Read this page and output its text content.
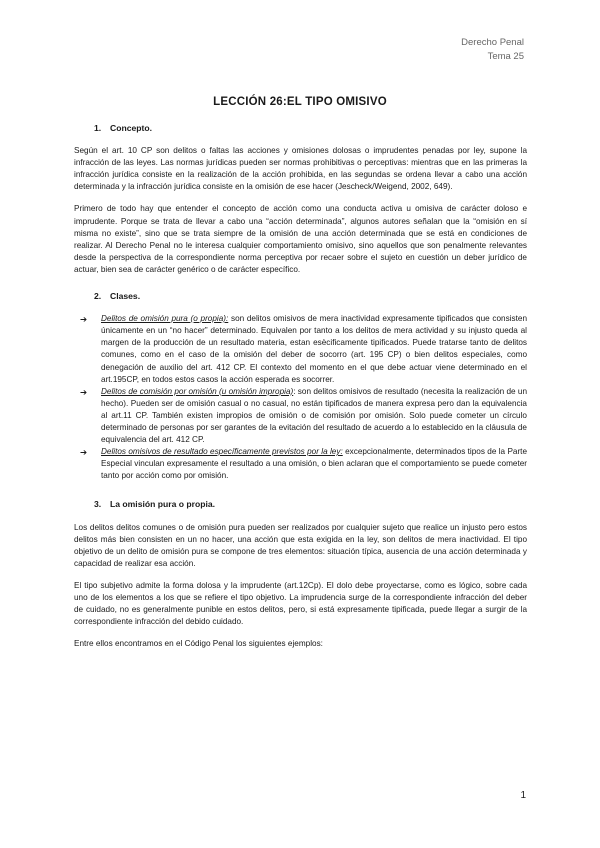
Derecho Penal
Tema 25
LECCIÓN 26:EL TIPO OMISIVO
1. Concepto.

Según el art. 10 CP son delitos o faltas las acciones y omisiones dolosas o imprudentes penadas por ley, supone la infracción de las leyes. Las normas jurídicas pueden ser normas prohibitivas o perceptivas: mientras que en las primeras la infracción jurídica consiste en la realización de la acción prohibida, en las segundas se ordena llevar a cabo una acción determinada y la infracción jurídica consiste en la omisión de ese hacer (Jescheck/Weigend, 2002, 649).

Primero de todo hay que entender el concepto de acción como una conducta activa u omisiva de carácter doloso e imprudente. Porque se trata de llevar a cabo una “acción determinada”, algunos autores señalan que la “omisión en sí misma no existe”, sino que se trata siempre de la omisión de una acción determinada que se está en condiciones de realizar. Al Derecho Penal no le interesa cualquier comportamiento omisivo, sino aquellos que son penalmente relevantes desde la perspectiva de la correspondiente norma perceptiva por recaer sobre el sujeto en cuestión un deber jurídico de actuar, bien sea de carácter genérico o de carácter específico.

2. Clases.
➔ Delitos de omisión pura (o propia): son delitos omisivos de mera inactividad expresamente tipificados que consisten únicamente en un “no hacer” determinado. Equivalen por tanto a los delitos de mera actividad y su injusto queda al margen de la producción de un resultado materia, estan esècificamente tipificados. Puede tratarse tanto de delitos comunes, como en el caso de la omisión del deber de socorro (art. 195 CP) o bien delitos especiales, como denegación de auxilio del art. 412 CP. El contexto del momento en el que debe actuar viene determinado en el art.195CP, en todos estos casos la acción esperada es socorrer.
➔ Delitos de comisión por omisión (u omisión impropia): son delitos omisivos de resultado (necesita la realización de un hecho). Pueden ser de omisión casual o no casual, no están tipificados de manera expresa pero dan la equivalencia al art.11 CP. También existen impropios de omisión o de comisión por omisión. Solo puede cometer un círculo determinado de personas por ser garantes de la evitación del resultado de acuerdo a lo establecido en la cláusula de equivalencia del art. 412 CP.
➔ Delitos omisivos de resultado específicamente previstos por la ley: excepcionalmente, determinados tipos de la Parte Especial vinculan expresamente el resultado a una omisión, o bien aclaran que el comportamiento se puede cometer tanto por acción como por omisión.
3. La omisión pura o propia.

Los delitos delitos comunes o de omisión pura pueden ser realizados por cualquier sujeto que realice un injusto pero estos delitos más bien consisten en un no hacer, una acción que esta exigida en la ley, son delitos de mera inactividad. El tipo objetivo de un delito de omisión pura se compone de tres elementos: situación típica, ausencia de una acción determinada y capacidad de realizar esa acción.

El tipo subjetivo admite la forma dolosa y la imprudente (art.12Cp). El dolo debe proyectarse, como es lógico, sobre cada uno de los elementos a los que se refiere el tipo objetivo. La imprudencia surge de la correspondiente infracción del deber de cuidado, no es generalmente punible en estos delitos, pero, si está expresamente tipificada, puede llegar a surgir de la correspondiente infracción del debido cuidado.

Entre ellos encontramos en el Código Penal los siguientes ejemplos:

1
